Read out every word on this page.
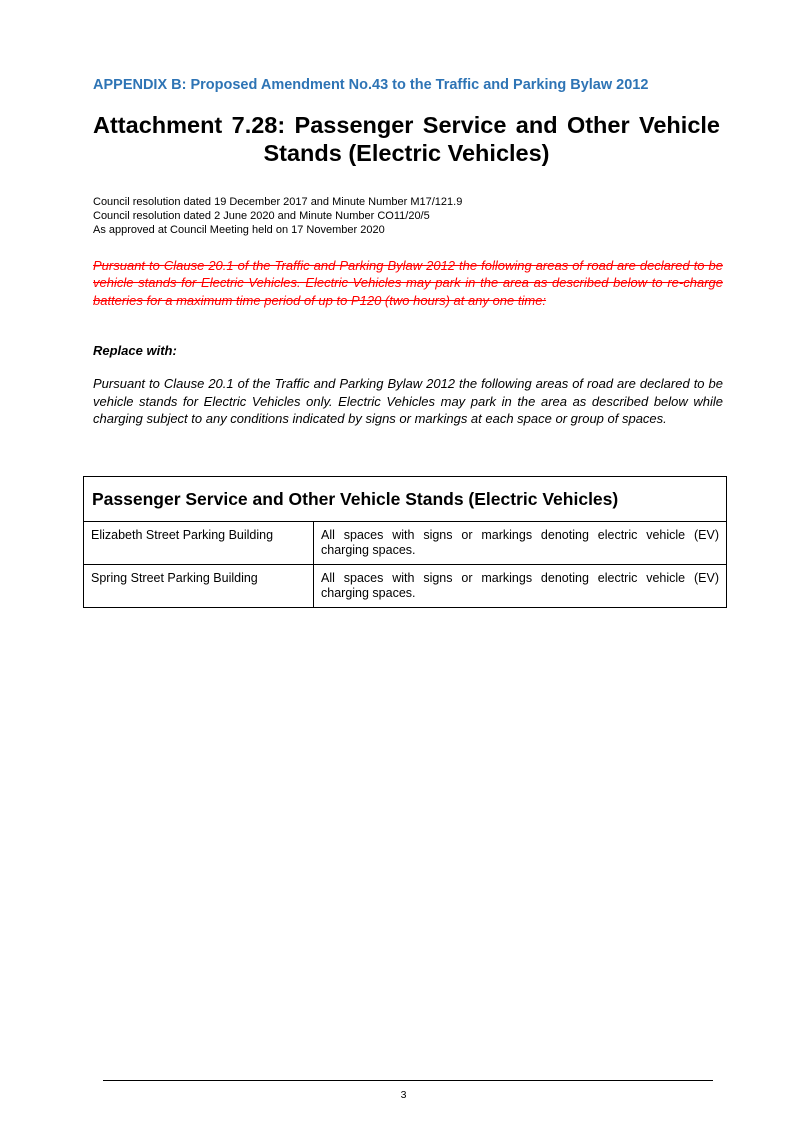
APPENDIX B: Proposed Amendment No.43 to the Traffic and Parking Bylaw 2012
Attachment 7.28: Passenger Service and Other Vehicle
Stands (Electric Vehicles)
Council resolution dated 19 December 2017 and Minute Number M17/121.9
Council resolution dated 2 June 2020 and Minute Number CO11/20/5
As approved at Council Meeting held on 17 November 2020
Pursuant to Clause 20.1 of the Traffic and Parking Bylaw 2012 the following areas of road are declared to be vehicle stands for Electric Vehicles. Electric Vehicles may park in the area as described below to re-charge batteries for a maximum time period of up to P120 (two hours) at any one time:
Replace with:
Pursuant to Clause 20.1 of the Traffic and Parking Bylaw 2012 the following areas of road are declared to be vehicle stands for Electric Vehicles only. Electric Vehicles may park in the area as described below while charging subject to any conditions indicated by signs or markings at each space or group of spaces.
Passenger Service and Other Vehicle Stands (Electric Vehicles)	
Elizabeth Street Parking Building	All spaces with signs or markings denoting electric vehicle (EV) charging spaces.
Spring Street Parking Building	All spaces with signs or markings denoting electric vehicle (EV) charging spaces.
3
